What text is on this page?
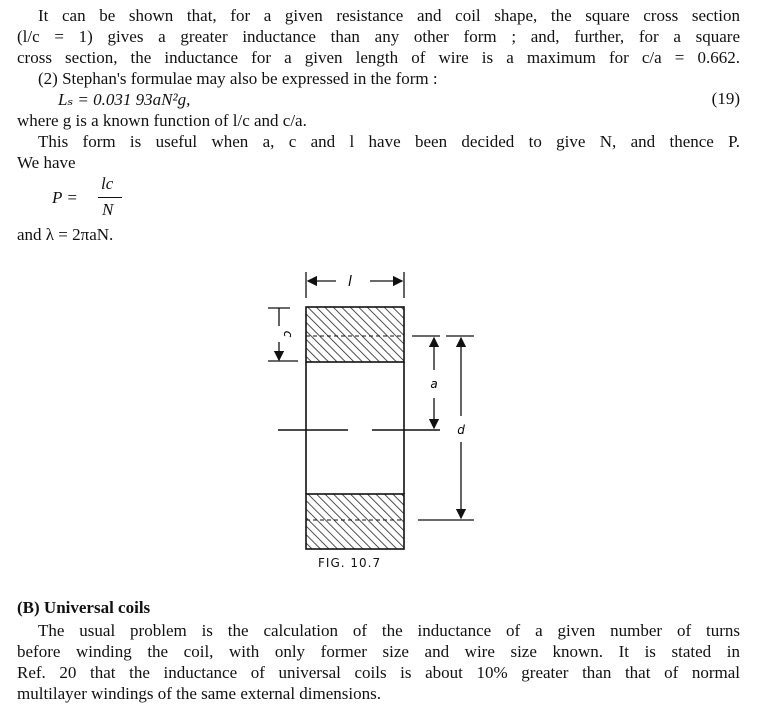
It can be shown that, for a given resistance and coil shape, the square cross section
(l/c = 1) gives a greater inductance than any other form ; and, further, for a square
cross section, the inductance for a given length of wire is a maximum for c/a = 0.662.
(2) Stephan's formulae may also be expressed in the form :
Lₛ = 0.031 93aN²g,	(19)
where g is a known function of l/c and c/a.
This form is useful when a, c and l have been decided to give N, and thence P.
We have
P =
lc
N
and λ = 2πaN.
l
c
a
d
FIG. 10.7
(B) Universal coils
The usual problem is the calculation of the inductance of a given number of turns
before winding the coil, with only former size and wire size known. It is stated in
Ref. 20 that the inductance of universal coils is about 10% greater than that of normal
multilayer windings of the same external dimensions.
